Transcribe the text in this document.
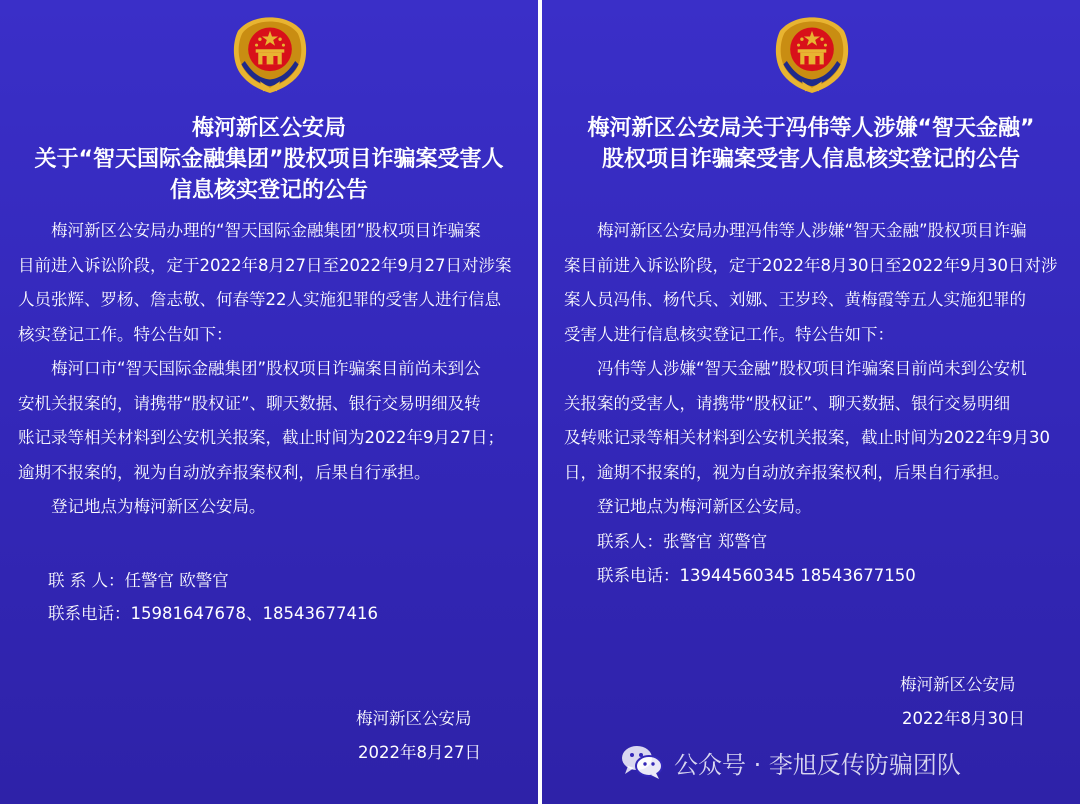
梅河新区公安局
关于“智天国际金融集团”股权项目诈骗案受害人
信息核实登记的公告

梅河新区公安局办理的“智天国际金融集团”股权项目诈骗案

目前进入诉讼阶段，定于2022年8月27日至2022年9月27日对涉案

人员张辉、罗杨、詹志敬、何春等22人实施犯罪的受害人进行信息

核实登记工作。特公告如下：

梅河口市“智天国际金融集团”股权项目诈骗案目前尚未到公

安机关报案的，请携带“股权证”、聊天数据、银行交易明细及转

账记录等相关材料到公安机关报案，截止时间为2022年9月27日；

逾期不报案的，视为自动放弃报案权利，后果自行承担。

登记地点为梅河新区公安局。

联 系 人：任警官 欧警官
联系电话：15981647678、18543677416
梅河新区公安局
2022年8月27日
梅河新区公安局关于冯伟等人涉嫌“智天金融”
股权项目诈骗案受害人信息核实登记的公告

梅河新区公安局办理冯伟等人涉嫌“智天金融”股权项目诈骗

案目前进入诉讼阶段，定于2022年8月30日至2022年9月30日对涉

案人员冯伟、杨代兵、刘娜、王岁玲、黄梅霞等五人实施犯罪的

受害人进行信息核实登记工作。特公告如下：

冯伟等人涉嫌“智天金融”股权项目诈骗案目前尚未到公安机

关报案的受害人，请携带“股权证”、聊天数据、银行交易明细

及转账记录等相关材料到公安机关报案，截止时间为2022年9月30

日，逾期不报案的，视为自动放弃报案权利，后果自行承担。

登记地点为梅河新区公安局。

联系人：张警官 郑警官

联系电话：13944560345 18543677150

梅河新区公安局
2022年8月30日
公众号 · 李旭反传防骗团队
